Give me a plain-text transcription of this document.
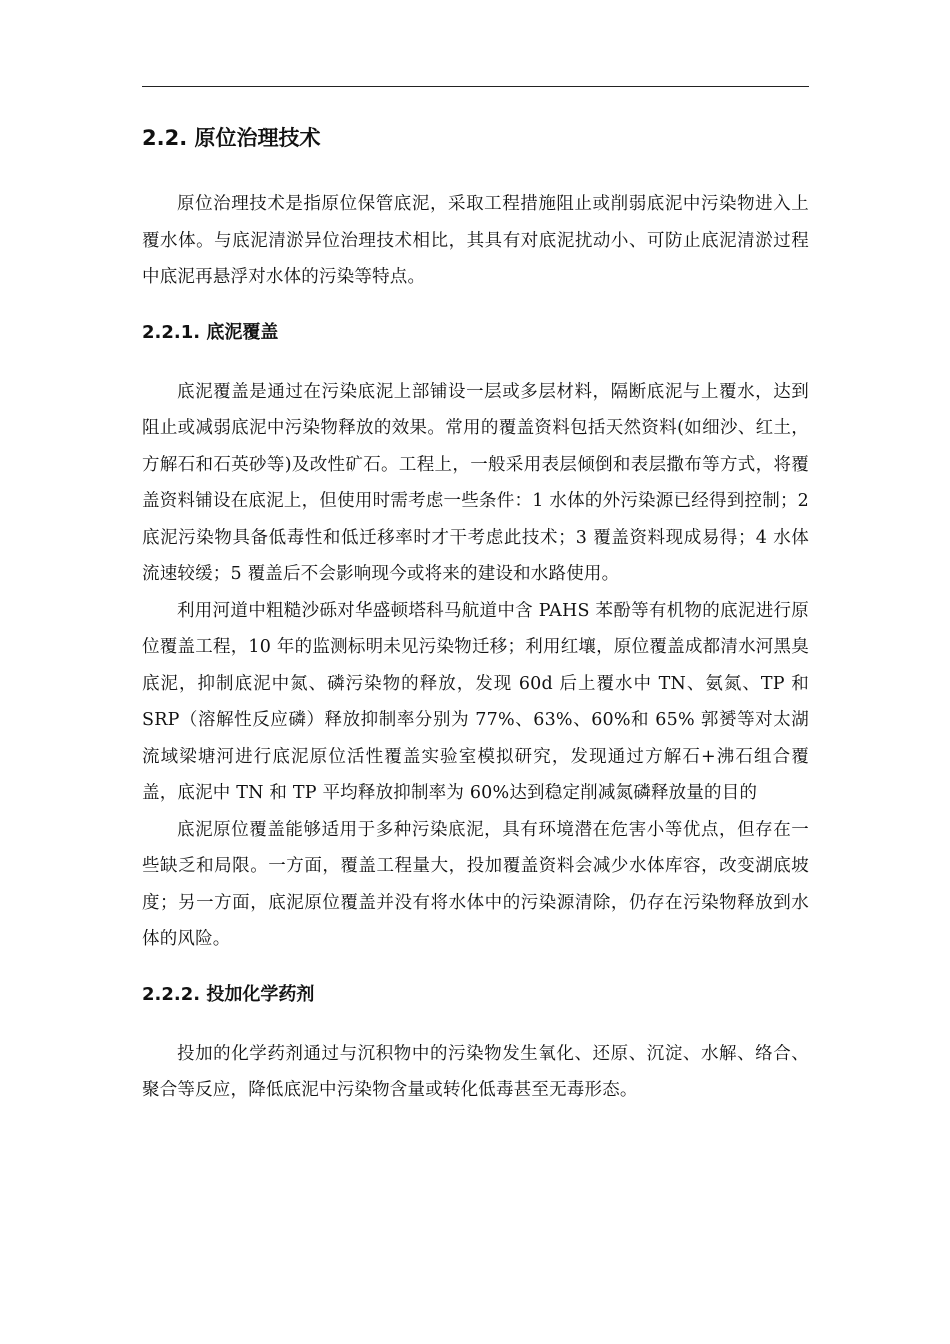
2.2. 原位治理技术

原位治理技术是指原位保管底泥，采取工程措施阻止或削弱底泥中污染物进入上覆水体。与底泥清淤异位治理技术相比，其具有对底泥扰动小、可防止底泥清淤过程中底泥再悬浮对水体的污染等特点。

2.2.1. 底泥覆盖

底泥覆盖是通过在污染底泥上部铺设一层或多层材料，隔断底泥与上覆水，达到阻止或减弱底泥中污染物释放的效果。常用的覆盖资料包括天然资料(如细沙、红土，方解石和石英砂等)及改性矿石。工程上，一般采用表层倾倒和表层撒布等方式，将覆盖资料铺设在底泥上，但使用时需考虑一些条件：1 水体的外污染源已经得到控制；2 底泥污染物具备低毒性和低迁移率时才干考虑此技术；3 覆盖资料现成易得；4 水体流速较缓；5 覆盖后不会影响现今或将来的建设和水路使用。

利用河道中粗糙沙砾对华盛顿塔科马航道中含 PAHS 苯酚等有机物的底泥进行原位覆盖工程，10 年的监测标明未见污染物迁移；利用红壤，原位覆盖成都清水河黑臭底泥，抑制底泥中氮、磷污染物的释放，发现 60d 后上覆水中 TN、氨氮、TP 和 SRP（溶解性反应磷）释放抑制率分别为 77%、63%、60%和 65% 郭赟等对太湖流域梁塘河进行底泥原位活性覆盖实验室模拟研究，发现通过方解石+沸石组合覆盖，底泥中 TN 和 TP 平均释放抑制率为 60%达到稳定削减氮磷释放量的目的

底泥原位覆盖能够适用于多种污染底泥，具有环境潜在危害小等优点，但存在一些缺乏和局限。一方面，覆盖工程量大，投加覆盖资料会减少水体库容，改变湖底坡度；另一方面，底泥原位覆盖并没有将水体中的污染源清除，仍存在污染物释放到水体的风险。

2.2.2. 投加化学药剂

投加的化学药剂通过与沉积物中的污染物发生氧化、还原、沉淀、水解、络合、聚合等反应，降低底泥中污染物含量或转化低毒甚至无毒形态。
